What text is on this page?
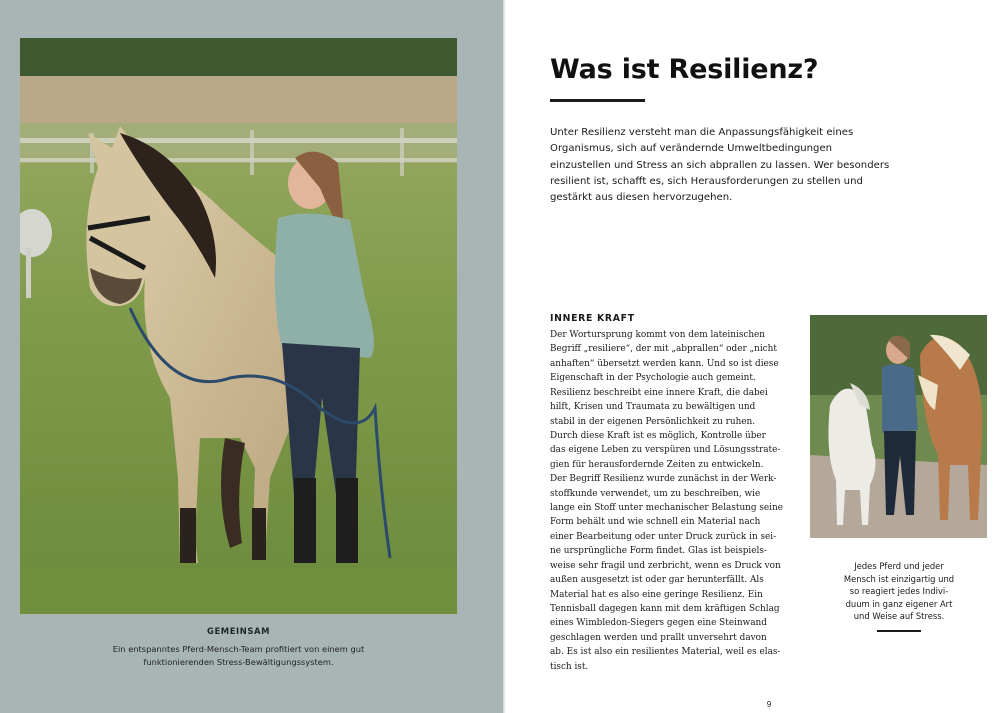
GEMEINSAM
Ein entspanntes Pferd-Mensch-Team profitiert von einem gut funktionierenden Stress-Bewältigungssystem.
Was ist Resilienz?

Unter Resilienz versteht man die Anpassungsfähigkeit eines Organismus, sich auf verändernde Umweltbedingungen einzustellen und Stress an sich abprallen zu lassen. Wer besonders resilient ist, schafft es, sich Herausforderungen zu stellen und gestärkt aus diesen hervorzugehen.

INNERE KRAFT
Der Wortursprung kommt von dem lateinischen
Begriff „resiliere“, der mit „abprallen“ oder „nicht
anhaften“ übersetzt werden kann. Und so ist diese
Eigenschaft in der Psychologie auch gemeint.
Resilienz beschreibt eine innere Kraft, die dabei
hilft, Krisen und Traumata zu bewältigen und
stabil in der eigenen Persönlichkeit zu ruhen.
Durch diese Kraft ist es möglich, Kontrolle über
das eigene Leben zu verspüren und Lösungsstrate-
gien für herausfordernde Zeiten zu entwickeln.
Der Begriff Resilienz wurde zunächst in der Werk-
stoffkunde verwendet, um zu beschreiben, wie
lange ein Stoff unter mechanischer Belastung seine
Form behält und wie schnell ein Material nach
einer Bearbeitung oder unter Druck zurück in sei-
ne ursprüngliche Form findet. Glas ist beispiels-
weise sehr fragil und zerbricht, wenn es Druck von
außen ausgesetzt ist oder gar herunterfällt. Als
Material hat es also eine geringe Resilienz. Ein
Tennisball dagegen kann mit dem kräftigen Schlag
eines Wimbledon-Siegers gegen eine Steinwand
geschlagen werden und prallt unversehrt davon
ab. Es ist also ein resilientes Material, weil es elas-
tisch ist.
Jedes Pferd und jeder
Mensch ist einzigartig und
so reagiert jedes Indivi-
duum in ganz eigener Art
und Weise auf Stress.
9
